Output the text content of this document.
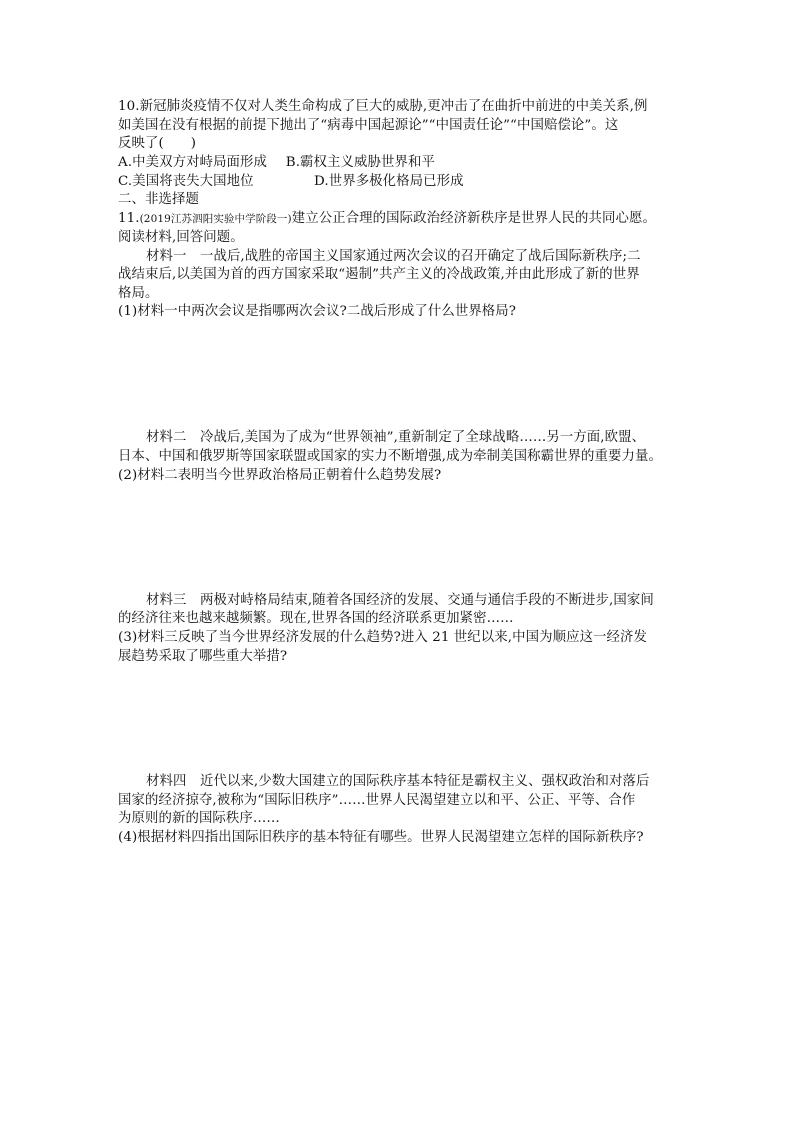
10.新冠肺炎疫情不仅对人类生命构成了巨大的威胁,更冲击了在曲折中前进的中美关系,例
如美国在没有根据的前提下抛出了“病毒中国起源论”“中国责任论”“中国赔偿论”。这
反映了(　　)
A.中美双方对峙局面形成 B.霸权主义威胁世界和平
C.美国将丧失大国地位	D.世界多极化格局已形成
二、非选择题
11.(2019江苏泗阳实验中学阶段一)建立公正合理的国际政治经济新秩序是世界人民的共同心愿。
阅读材料,回答问题。
材料一　一战后,战胜的帝国主义国家通过两次会议的召开确定了战后国际新秩序;二
战结束后,以美国为首的西方国家采取“遏制”共产主义的冷战政策,并由此形成了新的世界
格局。
(1)材料一中两次会议是指哪两次会议?二战后形成了什么世界格局?
材料二　冷战后,美国为了成为“世界领袖”,重新制定了全球战略……另一方面,欧盟、
日本、中国和俄罗斯等国家联盟或国家的实力不断增强,成为牵制美国称霸世界的重要力量。
(2)材料二表明当今世界政治格局正朝着什么趋势发展?
材料三　两极对峙格局结束,随着各国经济的发展、交通与通信手段的不断进步,国家间
的经济往来也越来越频繁。现在,世界各国的经济联系更加紧密……
(3)材料三反映了当今世界经济发展的什么趋势?进入 21 世纪以来,中国为顺应这一经济发
展趋势采取了哪些重大举措?
材料四　近代以来,少数大国建立的国际秩序基本特征是霸权主义、强权政治和对落后
国家的经济掠夺,被称为“国际旧秩序”……世界人民渴望建立以和平、公正、平等、合作
为原则的新的国际秩序……
(4)根据材料四指出国际旧秩序的基本特征有哪些。世界人民渴望建立怎样的国际新秩序?
